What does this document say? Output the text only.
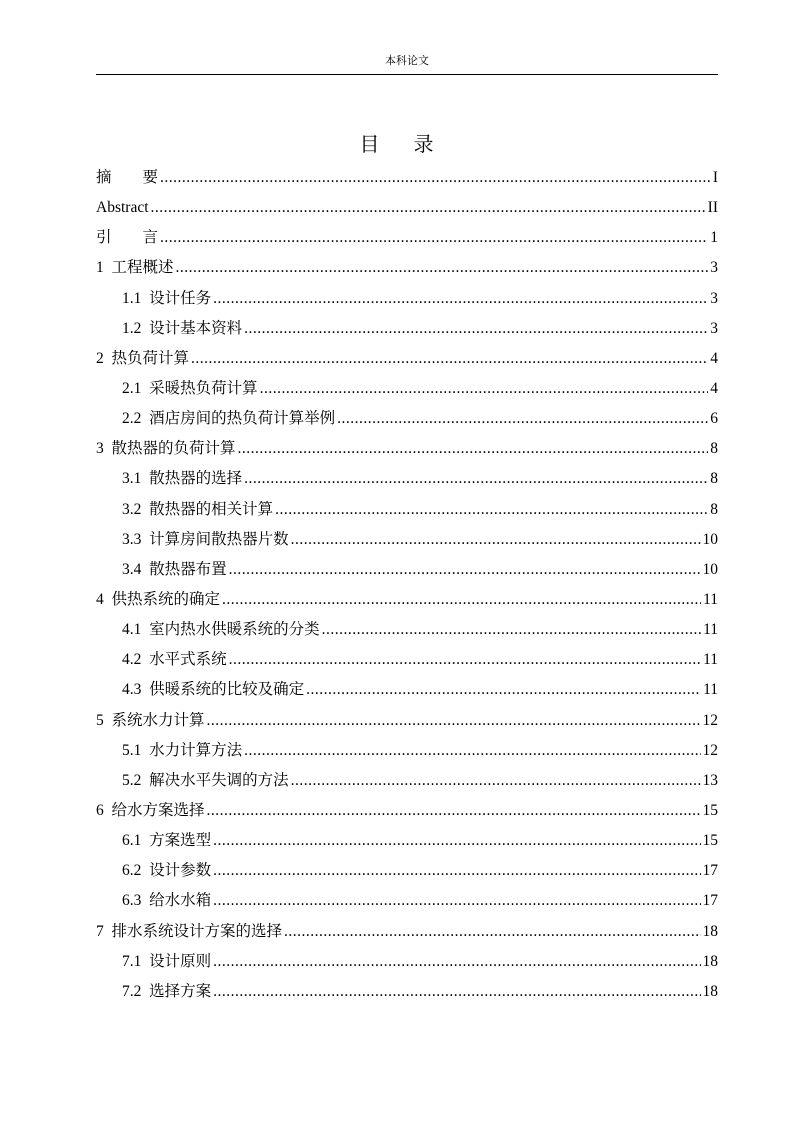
本科论文
目录
摘        要 .....	I
Abstract .....	II
引        言 .....	1
1  工程概述 .....	3
1.1  设计任务 .....	3
1.2  设计基本资料 .....	3
2  热负荷计算 .....	4
2.1  采暖热负荷计算 .....	4
2.2  酒店房间的热负荷计算举例 .....	6
3  散热器的负荷计算 .....	8
3.1  散热器的选择 .....	8
3.2  散热器的相关计算 .....	8
3.3  计算房间散热器片数 .....	10
3.4  散热器布置 .....	10
4  供热系统的确定 .....	11
4.1  室内热水供暖系统的分类 .....	11
4.2  水平式系统 .....	11
4.3  供暖系统的比较及确定 .....	11
5  系统水力计算 .....	12
5.1  水力计算方法 .....	12
5.2  解决水平失调的方法 .....	13
6  给水方案选择 .....	15
6.1  方案选型 .....	15
6.2  设计参数 .....	17
6.3  给水水箱 .....	17
7  排水系统设计方案的选择 .....	18
7.1  设计原则 .....	18
7.2  选择方案 .....	18
